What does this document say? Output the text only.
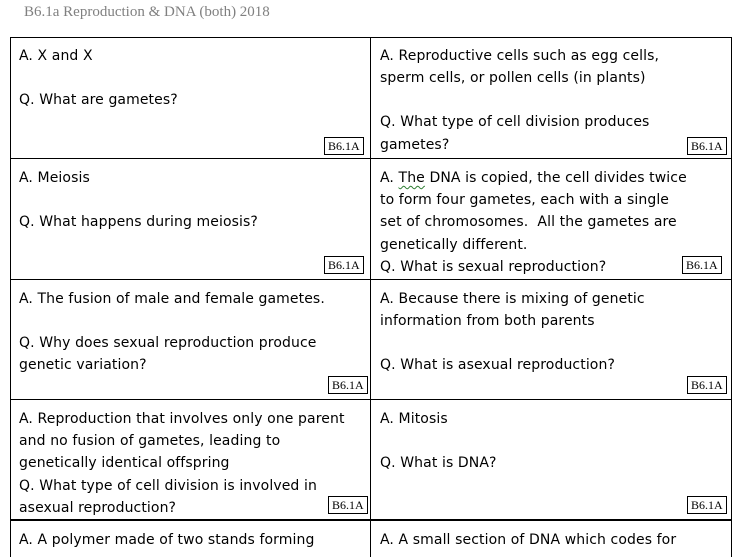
B6.1a Reproduction & DNA (both) 2018

A. X and X

Q. What are gametes?

B6.1A

A. Reproductive cells such as egg cells, sperm cells, or pollen cells (in plants)

Q. What type of cell division produces gametes?	B6.1A

A. Meiosis

Q. What happens during meiosis?

B6.1A

A. The DNA is copied, the cell divides twice to form four gametes, each with a single set of chromosomes.  All the gametes are genetically different.

Q. What is sexual reproduction?	B6.1A

A. The fusion of male and female gametes.

Q. Why does sexual reproduction produce genetic variation?

B6.1A

A. Because there is mixing of genetic information from both parents

Q. What is asexual reproduction?

B6.1A

A. Reproduction that involves only one parent and no fusion of gametes, leading to genetically identical offspring

Q. What type of cell division is involved in asexual reproduction?	B6.1A

A. Mitosis

Q. What is DNA?

B6.1A

A. A polymer made of two stands forming	A. A small section of DNA which codes for
